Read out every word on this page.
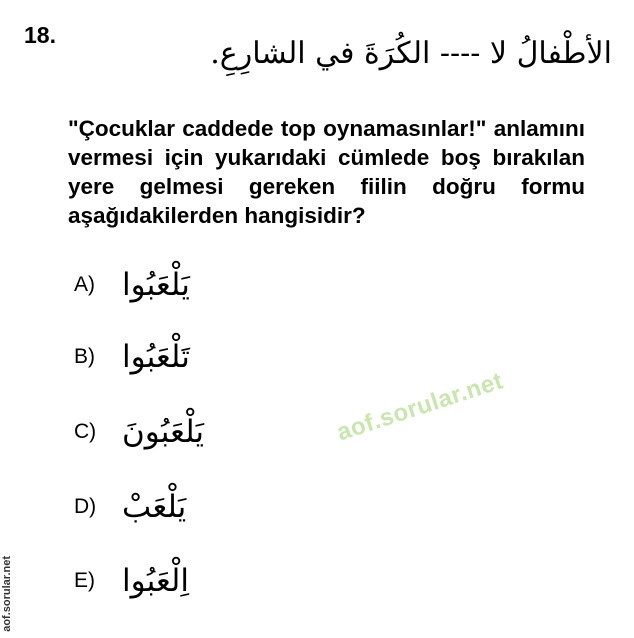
18.
الأطْفالُ لا ---- الكُرَةَ في الشارِعِ.
"Çocuklar caddede top oynamasınlar!" anlamını vermesi için yukarıdaki cümlede boş bırakılan yere gelmesi gereken fiilin doğru formu aşağıdakilerden hangisidir?
A) يَلْعَبُوا
B) تَلْعَبُوا
C) يَلْعَبُونَ
D) يَلْعَبْ
E) اِلْعَبُوا
aof.sorular.net
aof.sorular.net
